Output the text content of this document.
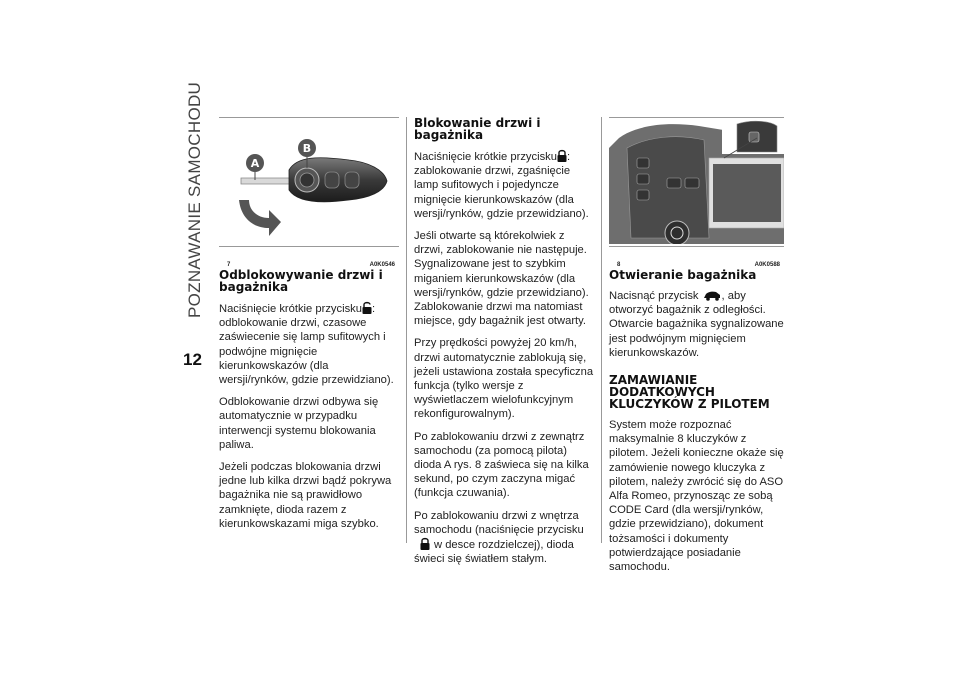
POZNAWANIE SAMOCHODU
12
A
B
7	A0K0546
Odblokowywanie drzwi i bagażnika

Naciśnięcie krótkie przycisku : odblokowanie drzwi, czasowe zaświecenie się lamp sufitowych i podwójne mignięcie kierunkowskazów (dla wersji/rynków, gdzie przewidziano).

Odblokowanie drzwi odbywa się automatycznie w przypadku interwencji systemu blokowania paliwa.

Jeżeli podczas blokowania drzwi jedne lub kilka drzwi bądź pokrywa bagażnika nie są prawidłowo zamknięte, dioda razem z kierunkowskazami miga szybko.

Blokowanie drzwi i bagażnika

Naciśnięcie krótkie przycisku : zablokowanie drzwi, zgaśnięcie lamp sufitowych i pojedyncze mignięcie kierunkowskazów (dla wersji/rynków, gdzie przewidziano).

Jeśli otwarte są którekolwiek z drzwi, zablokowanie nie następuje. Sygnalizowane jest to szybkim miganiem kierunkowskazów (dla wersji/rynków, gdzie przewidziano). Zablokowanie drzwi ma natomiast miejsce, gdy bagażnik jest otwarty.

Przy prędkości powyżej 20 km/h, drzwi automatycznie zablokują się, jeżeli ustawiona została specyficzna funkcja (tylko wersje z wyświetlaczem wielofunkcyjnym rekonfigurowalnym).

Po zablokowaniu drzwi z zewnątrz samochodu (za pomocą pilota) dioda A rys. 8 zaświeca się na kilka sekund, po czym zaczyna migać (funkcja czuwania).

Po zablokowaniu drzwi z wnętrza samochodu (naciśnięcie przycisku
w desce rozdzielczej), dioda świeci się światłem stałym.

8	A0K0588
Otwieranie bagażnika

Nacisnąć przycisk , aby otworzyć bagażnik z odległości. Otwarcie bagażnika sygnalizowane jest podwójnym mignięciem kierunkowskazów.

ZAMAWIANIE DODATKOWYCH KLUCZYKÓW Z PILOTEM

System może rozpoznać maksymalnie 8 kluczyków z pilotem. Jeżeli konieczne okaże się zamówienie nowego kluczyka z pilotem, należy zwrócić się do ASO Alfa Romeo, przynosząc ze sobą CODE Card (dla wersji/rynków, gdzie przewidziano), dokument tożsamości i dokumenty potwierdzające posiadanie samochodu.
